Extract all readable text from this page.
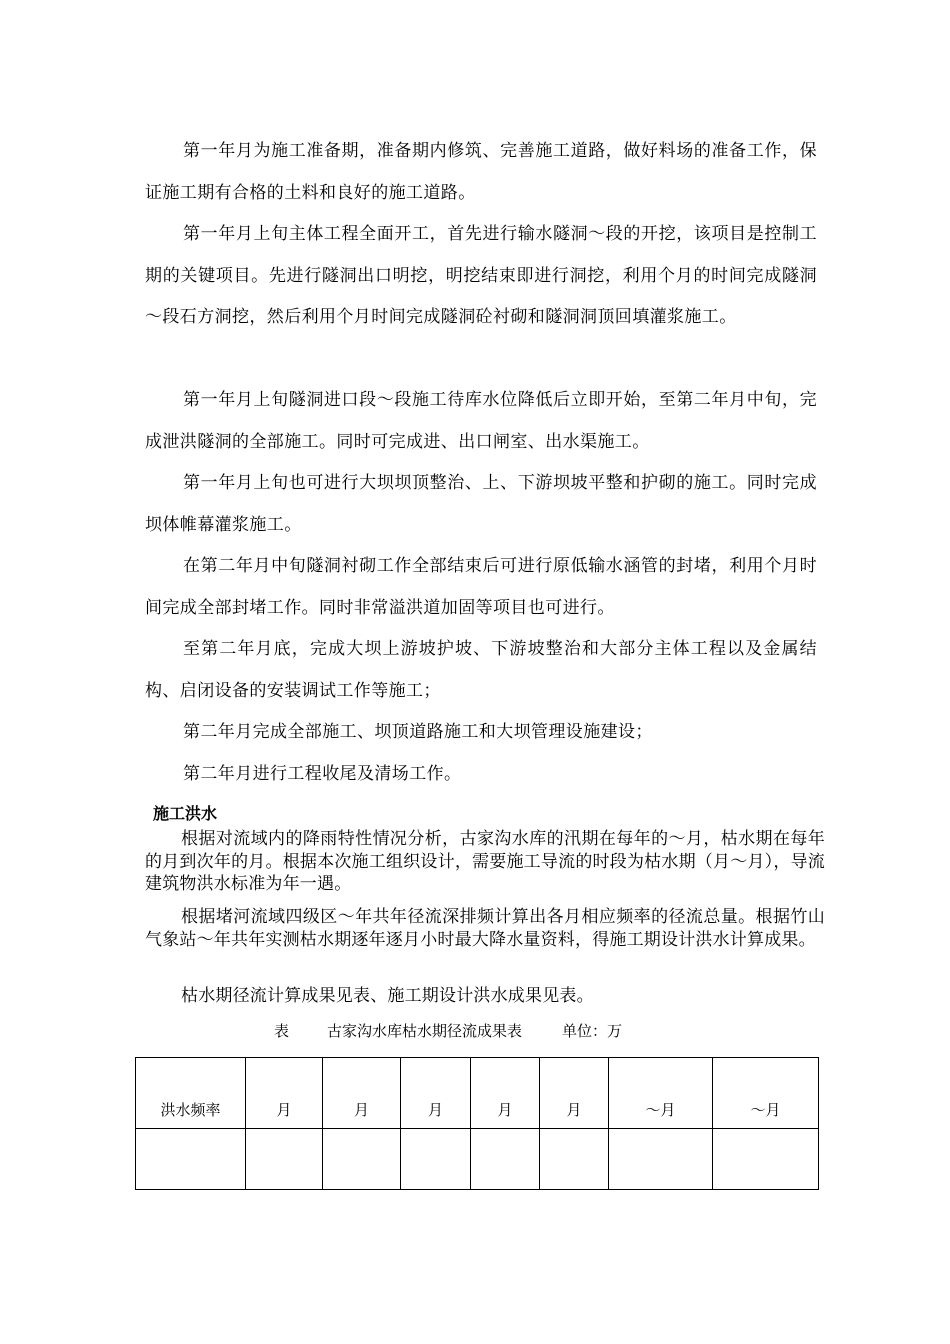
第一年月为施工准备期，准备期内修筑、完善施工道路，做好料场的准备工作，保证施工期有合格的土料和良好的施工道路。

第一年月上旬主体工程全面开工，首先进行输水隧洞～段的开挖，该项目是控制工期的关键项目。先进行隧洞出口明挖，明挖结束即进行洞挖，利用个月的时间完成隧洞～段石方洞挖，然后利用个月时间完成隧洞砼衬砌和隧洞洞顶回填灌浆施工。

第一年月上旬隧洞进口段～段施工待库水位降低后立即开始，至第二年月中旬，完成泄洪隧洞的全部施工。同时可完成进、出口闸室、出水渠施工。

第一年月上旬也可进行大坝坝顶整治、上、下游坝坡平整和护砌的施工。同时完成坝体帷幕灌浆施工。

在第二年月中旬隧洞衬砌工作全部结束后可进行原低输水涵管的封堵，利用个月时间完成全部封堵工作。同时非常溢洪道加固等项目也可进行。

至第二年月底，完成大坝上游坡护坡、下游坡整治和大部分主体工程以及金属结构、启闭设备的安装调试工作等施工；

第二年月完成全部施工、坝顶道路施工和大坝管理设施建设；

第二年月进行工程收尾及清场工作。

施工洪水

根据对流域内的降雨特性情况分析，古家沟水库的汛期在每年的～月，枯水期在每年的月到次年的月。根据本次施工组织设计，需要施工导流的时段为枯水期（月～月），导流建筑物洪水标准为年一遇。

根据堵河流域四级区～年共年径流深排频计算出各月相应频率的径流总量。根据竹山气象站～年共年实测枯水期逐年逐月小时最大降水量资料，得施工期设计洪水计算成果。

枯水期径流计算成果见表、施工期设计洪水成果见表。

表	古家沟水库枯水期径流成果表	单位：万
洪水频率	月	月	月	月	月	～月	～月
